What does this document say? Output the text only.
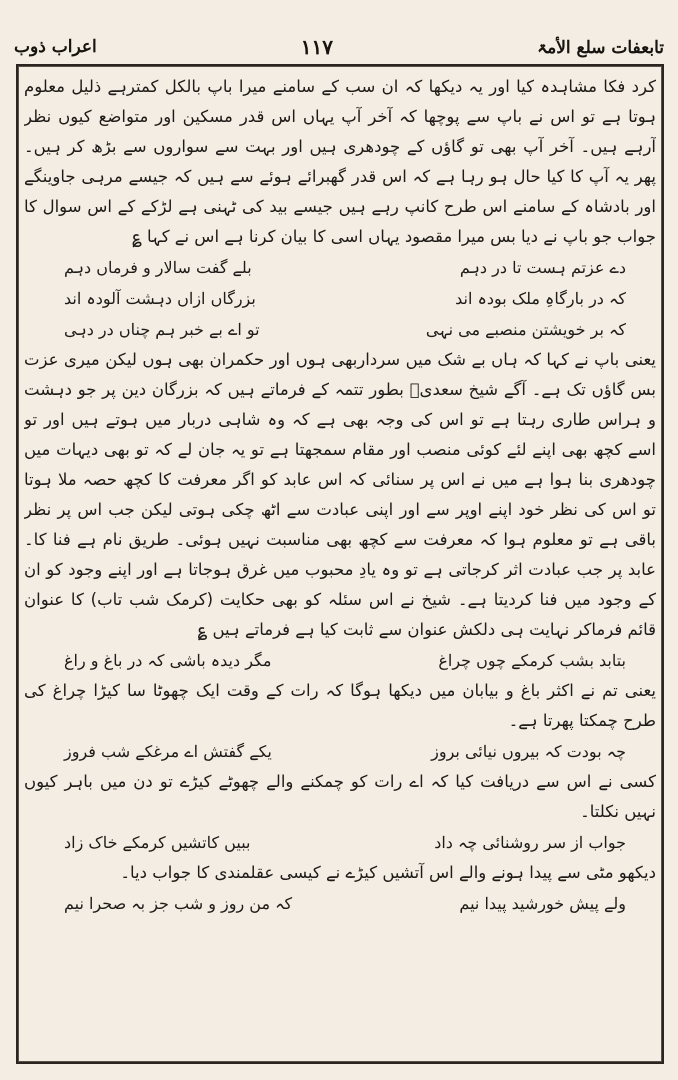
تابعفات سلع الأمۃ
۱۱۷
اعراب ذوب

کرد فکا مشاہدہ کیا اور یہ دیکھا کہ ان سب کے سامنے میرا باپ بالکل کمترہے ذلیل معلوم ہوتا ہے تو اس نے باپ سے پوچھا کہ آخر آپ یہاں اس قدر مسکین اور متواضع کیوں نظر آرہے ہیں۔ آخر آپ بھی تو گاؤں کے چودھری ہیں اور بہت سے سواروں سے بڑھ کر ہیں۔ پھر یہ آپ کا کیا حال ہو رہا ہے کہ اس قدر گھبرائے ہوئے سے ہیں کہ جیسے مرہی جاوینگے اور بادشاہ کے سامنے اس طرح کانپ رہے ہیں جیسے بید کی ٹہنی ہے لڑکے کے اس سوال کا جواب جو باپ نے دیا بس میرا مقصود یہاں اسی کا بیان کرنا ہے اس نے کہا ؏

دے عزتم ہست تا در دہم
بلے گفت سالار و فرماں دہم
کہ در بارگاہِ ملک بودہ اند
بزرگاں ازاں دہشت آلودہ اند
کہ بر خویشتن منصبے می نہی
تو اے بے خبر ہم چناں در دہی

یعنی باپ نے کہا کہ ہاں بے شک میں سرداربھی ہوں اور حکمران بھی ہوں لیکن میری عزت بس گاؤں تک ہے۔ آگے شیخ سعدیؒ بطور تتمہ کے فرماتے ہیں کہ بزرگان دین پر جو دہشت و ہراس طاری رہتا ہے تو اس کی وجہ بھی ہے کہ وہ شاہی دربار میں ہوتے ہیں اور تو اسے کچھ بھی اپنے لئے کوئی منصب اور مقام سمجھتا ہے تو یہ جان لے کہ تو بھی دیہات میں چودھری بنا ہوا ہے میں نے اس پر سنائی کہ اس عابد کو اگر معرفت کا کچھ حصہ ملا ہوتا تو اس کی نظر خود اپنے اوپر سے اور اپنی عبادت سے اٹھ چکی ہوتی لیکن جب اس پر نظر باقی ہے تو معلوم ہوا کہ معرفت سے کچھ بھی مناسبت نہیں ہوئی۔ طریق نام ہے فنا کا۔ عابد پر جب عبادت اثر کرجاتی ہے تو وہ یادِ محبوب میں غرق ہوجاتا ہے اور اپنے وجود کو ان کے وجود میں فنا کردیتا ہے۔ شیخ نے اس سئلہ کو بھی حکایت (کرمک شب تاب) کا عنوان قائم فرماکر نہایت ہی دلکش عنوان سے ثابت کیا ہے فرماتے ہیں ؏

بتابد بشب کرمکے چوں چراغ
مگر دیدہ باشی کہ در باغ و راغ

یعنی تم نے اکثر باغ و بیابان میں دیکھا ہوگا کہ رات کے وقت ایک چھوٹا سا کیڑا چراغ کی طرح چمکتا پھرتا ہے۔

چہ بودت کہ بیروں نیائی بروز
یکے گفتش اے مرغکے شب فروز

کسی نے اس سے دریافت کیا کہ اے رات کو چمکنے والے چھوٹے کیڑے تو دن میں باہر کیوں نہیں نکلتا۔

جواب از سر روشنائی چہ داد
ببیں کاتشیں کرمکے خاک زاد

دیکھو مٹی سے پیدا ہونے والے اس آتشیں کیڑے نے کیسی عقلمندی کا جواب دیا۔

ولے پیش خورشید پیدا نیم
کہ من روز و شب جز بہ صحرا نیم
